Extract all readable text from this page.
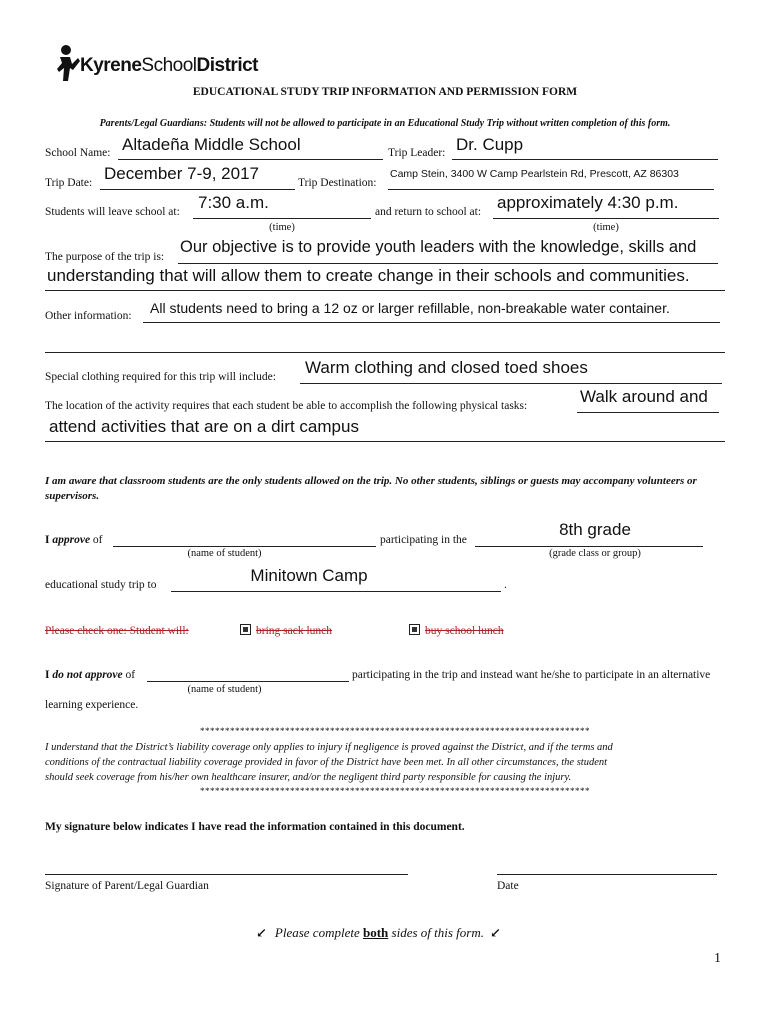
KyreneSchoolDistrict
EDUCATIONAL STUDY TRIP INFORMATION AND PERMISSION FORM
Parents/Legal Guardians: Students will not be allowed to participate in an Educational Study Trip without written completion of this form.
School Name: Altadeña Middle School	Trip Leader: Dr. Cupp
Trip Date: December 7-9, 2017	Trip Destination:
Camp Stein, 3400 W Camp Pearlstein Rd, Prescott, AZ 86303
Students will leave school at: 7:30 a.m.
(time)
and return to school at: approximately 4:30 p.m.
(time)
The purpose of the trip is:
Our objective is to provide youth leaders with the knowledge, skills and
understanding that will allow them to create change in their schools and communities.
Other information: All students need to bring a 12 oz or larger refillable, non-breakable water container.
Special clothing required for this trip will include: Warm clothing and closed toed shoes
The location of the activity requires that each student be able to accomplish the following physical tasks:	Walk around and
attend activities that are on a dirt campus
I am aware that classroom students are the only students allowed on the trip. No other students, siblings or guests may accompany volunteers or supervisors.
I approve of
(name of student)
participating in the
8th grade
(grade class or group)
educational study trip to	Minitown Camp	.
Please check one: Student will:	bring sack lunch	buy school lunch
I do not approve of	participating in the trip and instead want he/she to participate in an alternative
(name of student)
learning experience.
******************************************************************************
I understand that the District’s liability coverage only applies to injury if negligence is proved against the District, and if the terms and
conditions of the contractual liability coverage provided in favor of the District have been met. In all other circumstances, the student
should seek coverage from his/her own healthcare insurer, and/or the negligent third party responsible for causing the injury.
******************************************************************************
My signature below indicates I have read the information contained in this document.
Signature of Parent/Legal Guardian	Date
↙ Please complete both sides of this form. ↙
1
